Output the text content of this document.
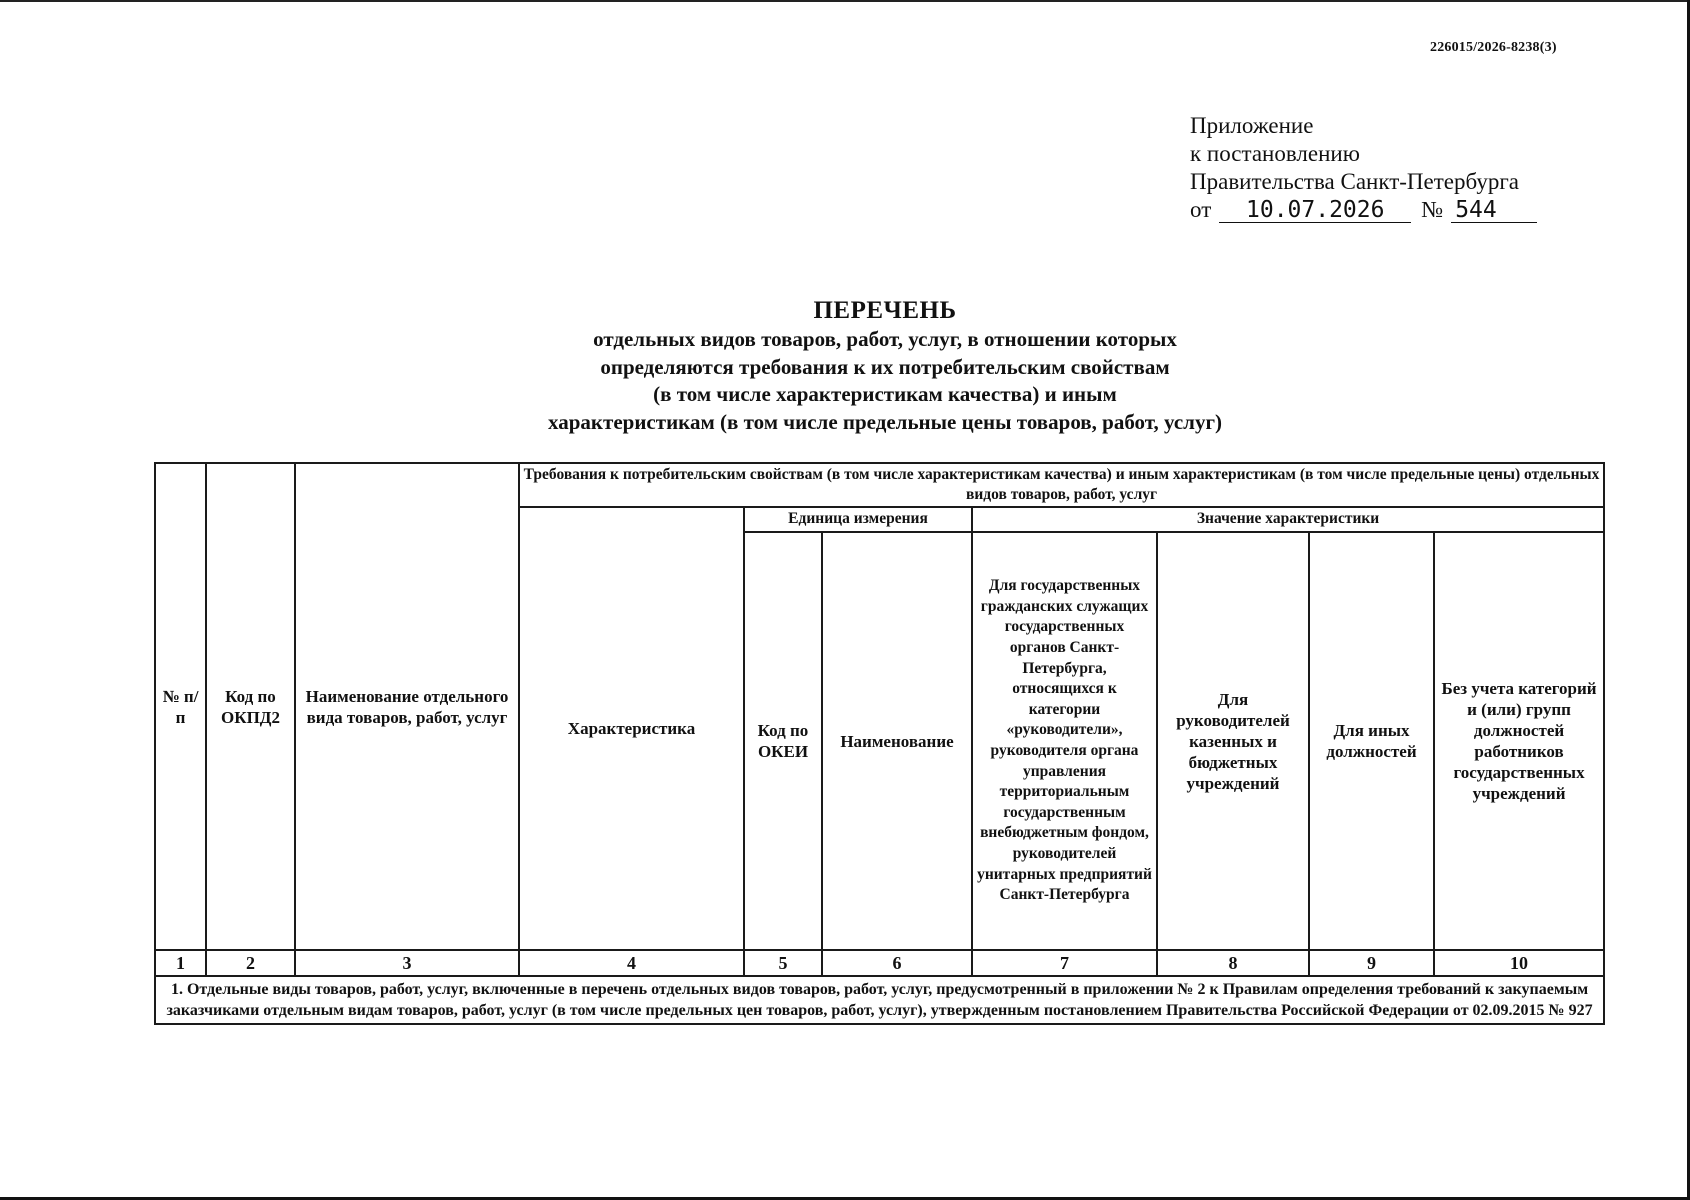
226015/2026-8238(3)
Приложение
к постановлению
Правительства Санкт-Петербурга
от	10.07.2026	№ 544
ПЕРЕЧЕНЬ
отдельных видов товаров, работ, услуг, в отношении которых
определяются требования к их потребительским свойствам
(в том числе характеристикам качества) и иным
характеристикам (в том числе предельные цены товаров, работ, услуг)
№ п/п	Код по ОКПД2	Наименование отдельного вида товаров, работ, услуг	Требования к потребительским свойствам (в том числе характеристикам качества) и иным характеристикам (в том числе предельные цены) отдельных видов товаров, работ, услуг						
			Характеристика	Единица измерения		Значение характеристики			
				Код по ОКЕИ	Наименование	Для государственных гражданских служащих государственных органов Санкт-Петербурга, относящихся к категории «руководители», руководителя органа управления территориальным государственным внебюджетным фондом, руководителей унитарных предприятий Санкт-Петербурга	Для руководителей казенных и бюджетных учреждений	Для иных должностей	Без учета категорий и (или) групп должностей работников государственных учреждений
1	2	3	4	5	6	7	8	9	10
1. Отдельные виды товаров, работ, услуг, включенные в перечень отдельных видов товаров, работ, услуг, предусмотренный в приложении № 2 к Правилам определения требований к закупаемым заказчиками отдельным видам товаров, работ, услуг (в том числе предельных цен товаров, работ, услуг), утвержденным постановлением Правительства Российской Федерации от 02.09.2015 № 927									
